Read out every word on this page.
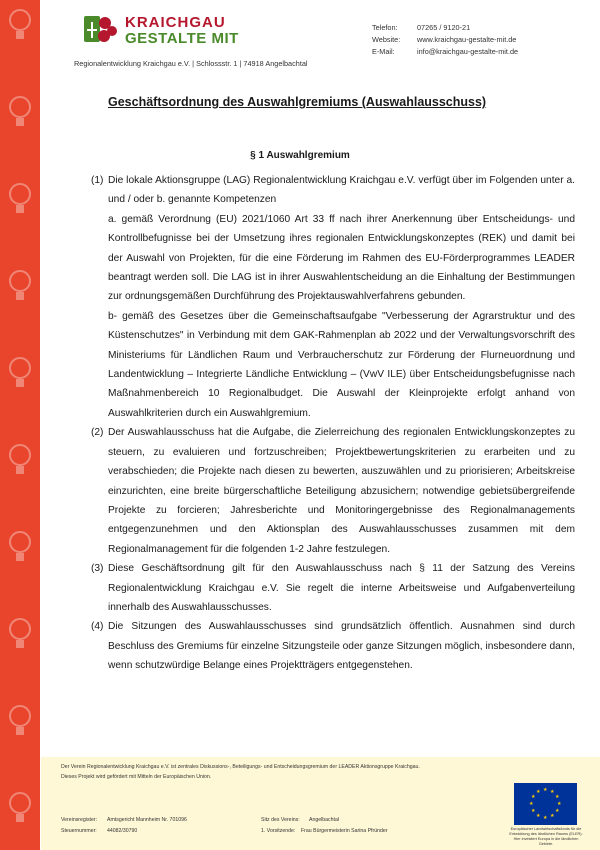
KRAICHGAU
GESTALTE MIT
Regionalentwicklung Kraichgau e.V. | Schlossstr. 1 | 74918 Angelbachtal
Telefon:	07265 / 9120-21
Website: www.kraichgau-gestalte-mit.de
E-Mail:	info@kraichgau-gestalte-mit.de
Geschäftsordnung des Auswahlgremiums (Auswahlausschuss)
§ 1 Auswahlgremium
(1) Die lokale Aktionsgruppe (LAG) Regionalentwicklung Kraichgau e.V. verfügt über im Folgenden unter a. und / oder b. genannte Kompetenzen
a. gemäß Verordnung (EU) 2021/1060 Art 33 ff nach ihrer Anerkennung über Entscheidungs- und Kontrollbefugnisse bei der Umsetzung ihres regionalen Entwicklungskonzeptes (REK) und damit bei der Auswahl von Projekten, für die eine Förderung im Rahmen des EU-Förderprogrammes LEADER beantragt werden soll. Die LAG ist in ihrer Auswahlentscheidung an die Einhaltung der Bestimmungen zur ordnungsgemäßen Durchführung des Projektauswahlverfahrens gebunden.
b- gemäß des Gesetzes über die Gemeinschaftsaufgabe "Verbesserung der Agrarstruktur und des Küstenschutzes" in Verbindung mit dem GAK-Rahmenplan ab 2022 und der Verwaltungsvorschrift des Ministeriums für Ländlichen Raum und Verbraucherschutz zur Förderung der Flurneuordnung und Landentwicklung – Integrierte Ländliche Entwicklung – (VwV ILE) über Entscheidungsbefugnisse nach Maßnahmenbereich 10 Regionalbudget. Die Auswahl der Kleinprojekte erfolgt anhand von Auswahlkriterien durch ein Auswahlgremium.
(2) Der Auswahlausschuss hat die Aufgabe, die Zielerreichung des regionalen Entwicklungskonzeptes zu steuern, zu evaluieren und fortzuschreiben; Projektbewertungskriterien zu erarbeiten und zu verabschieden; die Projekte nach diesen zu bewerten, auszuwählen und zu priorisieren; Arbeitskreise einzurichten, eine breite bürgerschaftliche Beteiligung abzusichern; notwendige gebietsübergreifende Projekte zu forcieren; Jahresberichte und Monitoringergebnisse des Regionalmanagements entgegenzunehmen und den Aktionsplan des Auswahlausschusses zusammen mit dem Regionalmanagement für die folgenden 1-2 Jahre festzulegen.
(3) Diese Geschäftsordnung gilt für den Auswahlausschuss nach § 11 der Satzung des Vereins Regionalentwicklung Kraichgau e.V. Sie regelt die interne Arbeitsweise und Aufgabenverteilung innerhalb des Auswahlausschusses.
(4) Die Sitzungen des Auswahlausschusses sind grundsätzlich öffentlich. Ausnahmen sind durch Beschluss des Gremiums für einzelne Sitzungsteile oder ganze Sitzungen möglich, insbesondere dann, wenn schutzwürdige Belange eines Projektträgers entgegenstehen.
Der Verein Regionalentwicklung Kraichgau e.V. ist zentrales Diskussions-, Beteiligungs- und Entscheidungsgremium der LEADER Aktionsgruppe Kraichgau.
Dieses Projekt wird gefördert mit Mitteln der Europäischen Union.
Vereinsregister: Amtsgericht Mannheim Nr. 701096
Steuernummer: 44082/30790
Sitz des Vereins: Angelbachtal
1. Vorsitzende: Frau Bürgermeisterin Sarina Pfründer
★ ★
★
★
★
★
★
★
★
★
★
★
Europäischer Landwirtschaftsfonds für die Entwicklung des ländlichen Raums (ELER): Hier investiert Europa in die ländlichen Gebiete.
